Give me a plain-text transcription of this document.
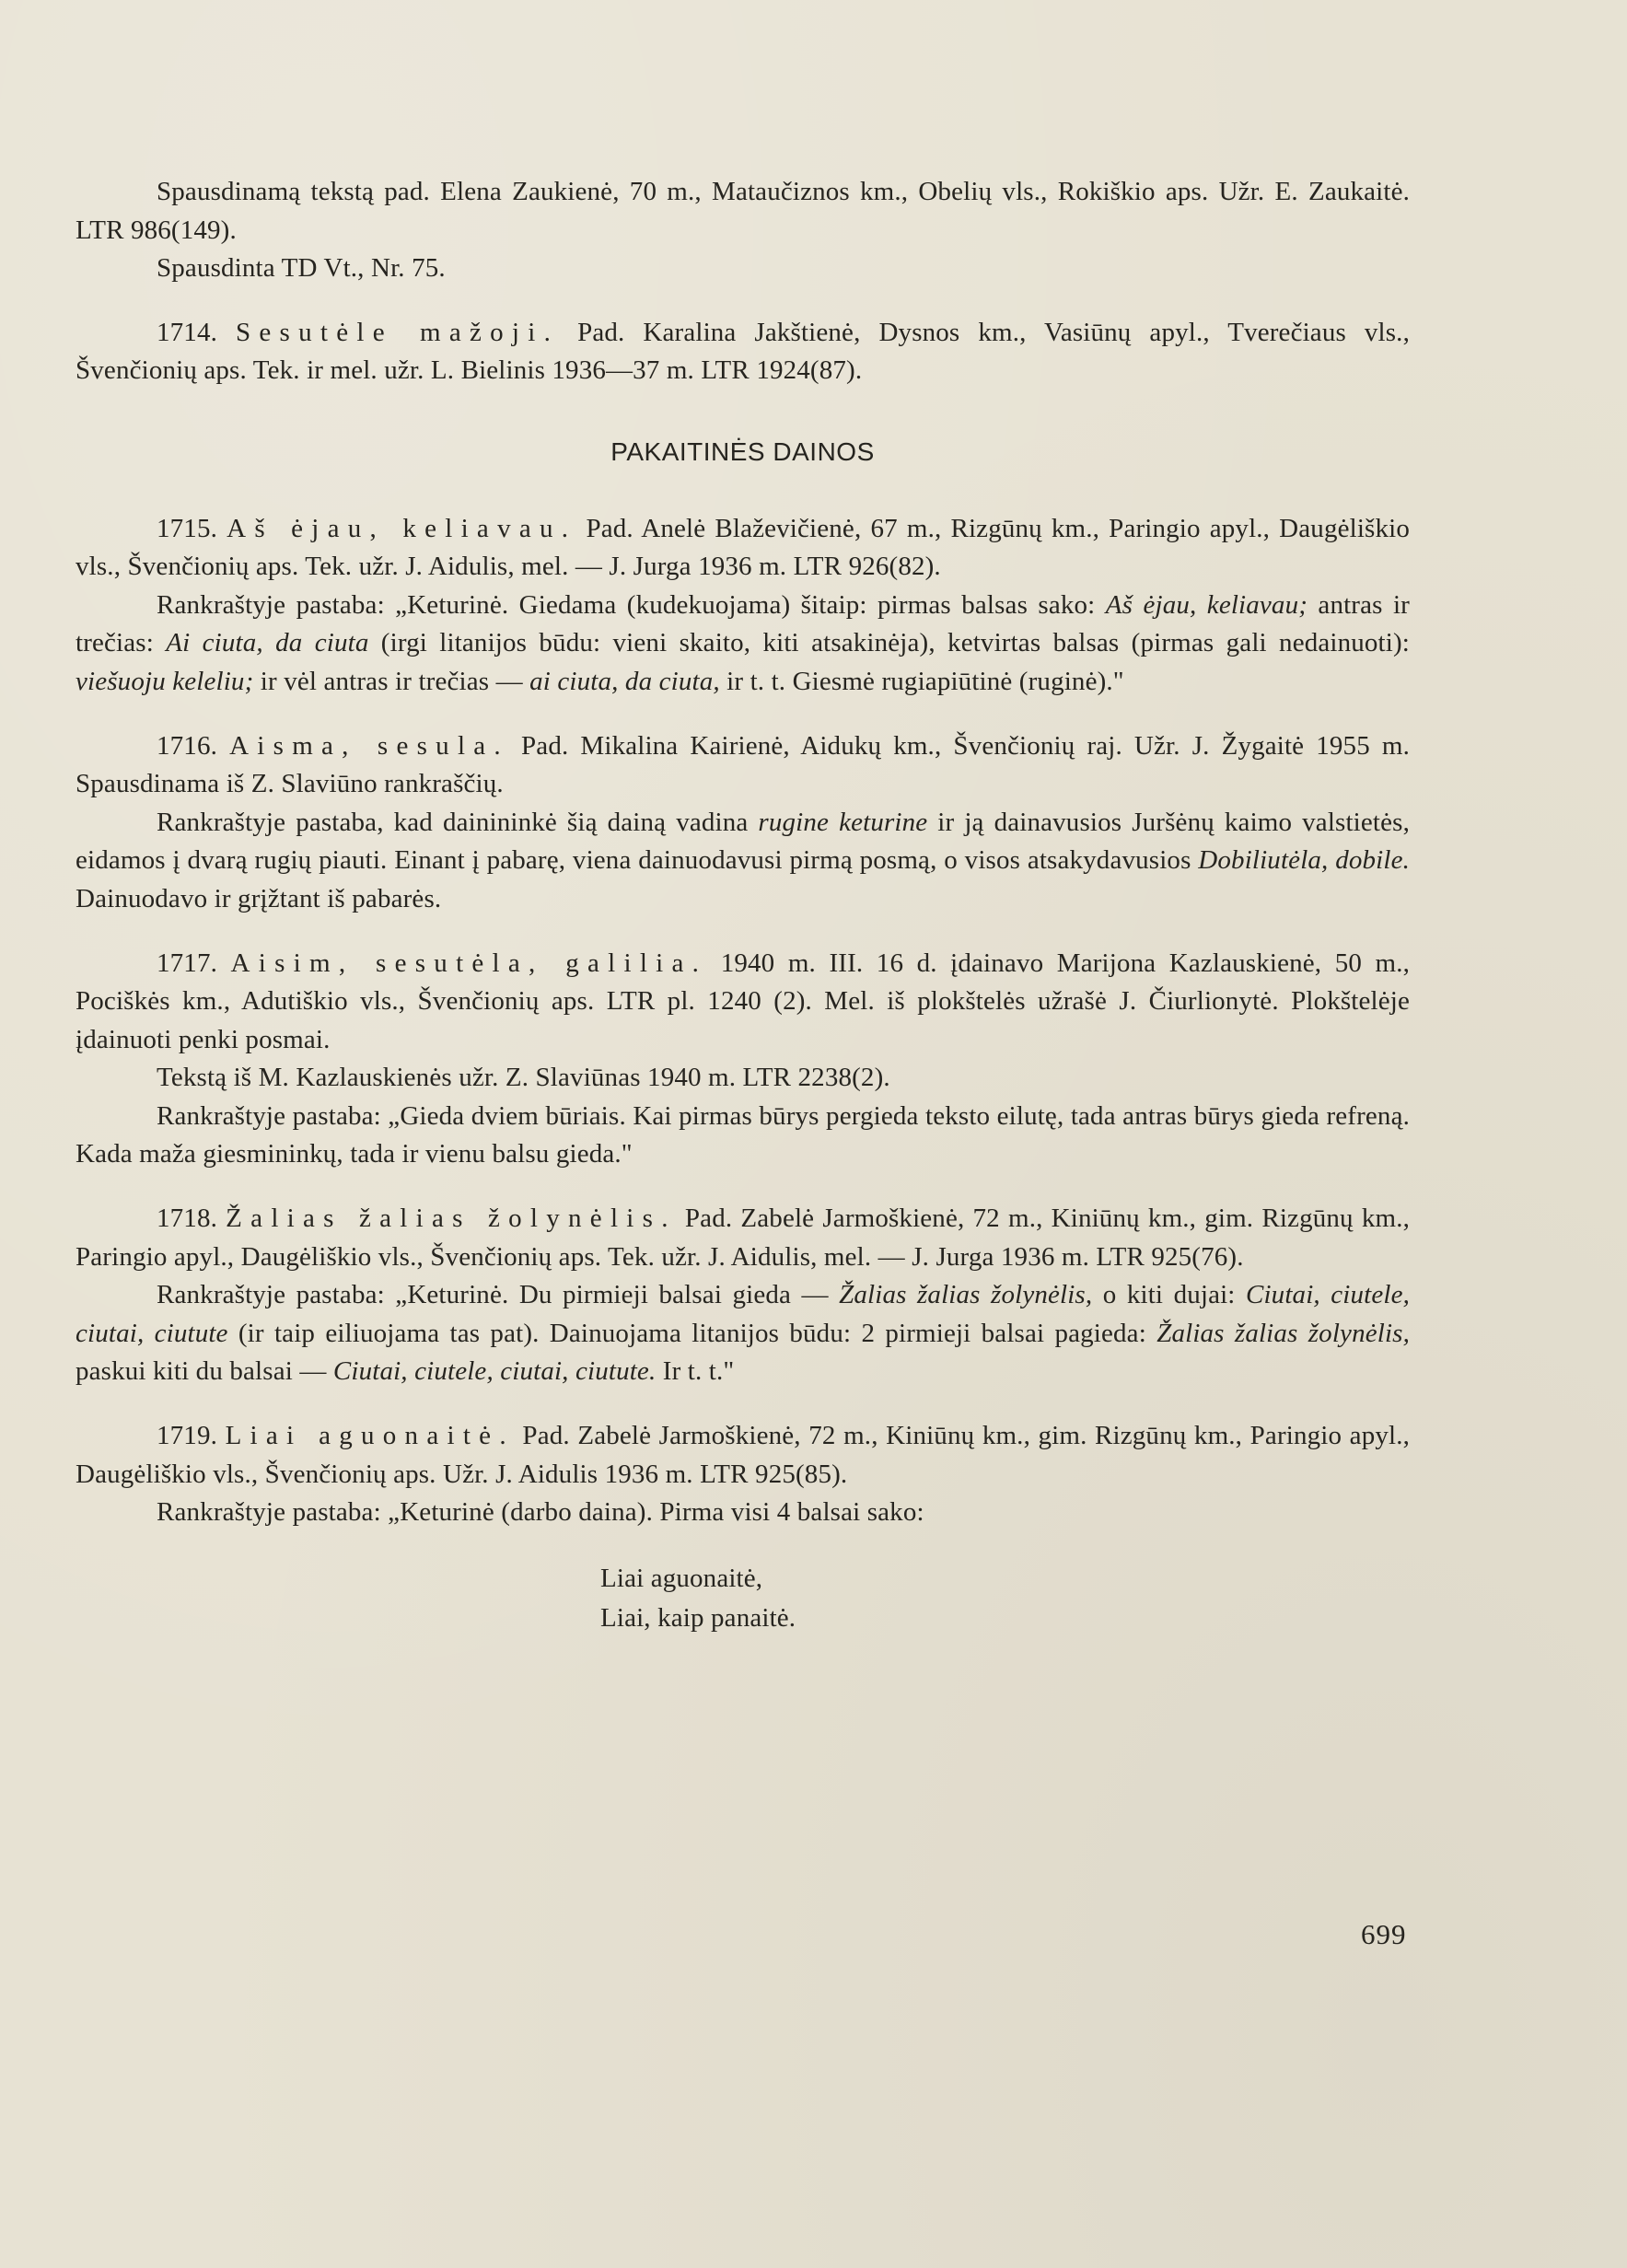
Spausdinamą tekstą pad. Elena Zaukienė, 70 m., Mataučiznos km., Obelių vls., Rokiškio aps. Užr. E. Zaukaitė. LTR 986(149).

Spausdinta TD Vt., Nr. 75.

1714. Sesutėle mažoji. Pad. Karalina Jakštienė, Dysnos km., Vasiūnų apyl., Tverečiaus vls., Švenčionių aps. Tek. ir mel. užr. L. Bielinis 1936—37 m. LTR 1924(87).

PAKAITINĖS DAINOS

1715. Aš ėjau, keliavau. Pad. Anelė Blaževičienė, 67 m., Rizgūnų km., Paringio apyl., Daugėliškio vls., Švenčionių aps. Tek. užr. J. Aidulis, mel. — J. Jurga 1936 m. LTR 926(82).

Rankraštyje pastaba: „Keturinė. Giedama (kudekuojama) šitaip: pirmas balsas sako: Aš ėjau, keliavau; antras ir trečias: Ai ciuta, da ciuta (irgi litanijos būdu: vieni skaito, kiti atsakinėja), ketvirtas balsas (pirmas gali nedainuoti): viešuoju keleliu; ir vėl antras ir trečias — ai ciuta, da ciuta, ir t. t. Giesmė rugiapiūtinė (ruginė)."

1716. Aisma, sesula. Pad. Mikalina Kairienė, Aidukų km., Švenčionių raj. Užr. J. Žygaitė 1955 m. Spausdinama iš Z. Slaviūno rankraščių.

Rankraštyje pastaba, kad dainininkė šią dainą vadina rugine keturine ir ją dainavusios Juršėnų kaimo valstietės, eidamos į dvarą rugių piauti. Einant į pabarę, viena dainuodavusi pirmą posmą, o visos atsakydavusios Dobiliutėla, dobile. Dainuodavo ir grįžtant iš pabarės.

1717. Aisim, sesutėla, galilia. 1940 m. III. 16 d. įdainavo Marijona Kazlauskienė, 50 m., Pociškės km., Adutiškio vls., Švenčionių aps. LTR pl. 1240 (2). Mel. iš plokštelės užrašė J. Čiurlionytė. Plokštelėje įdainuoti penki posmai.

Tekstą iš M. Kazlauskienės užr. Z. Slaviūnas 1940 m. LTR 2238(2).

Rankraštyje pastaba: „Gieda dviem būriais. Kai pirmas būrys pergieda teksto eilutę, tada antras būrys gieda refreną. Kada maža giesmininkų, tada ir vienu balsu gieda."

1718. Žalias žalias žolynėlis. Pad. Zabelė Jarmoškienė, 72 m., Kiniūnų km., gim. Rizgūnų km., Paringio apyl., Daugėliškio vls., Švenčionių aps. Tek. užr. J. Aidulis, mel. — J. Jurga 1936 m. LTR 925(76).

Rankraštyje pastaba: „Keturinė. Du pirmieji balsai gieda — Žalias žalias žolynėlis, o kiti dujai: Ciutai, ciutele, ciutai, ciutute (ir taip eiliuojama tas pat). Dainuojama litanijos būdu: 2 pirmieji balsai pagieda: Žalias žalias žolynėlis, paskui kiti du balsai — Ciutai, ciutele, ciutai, ciutute. Ir t. t."

1719. Liai aguonaitė. Pad. Zabelė Jarmoškienė, 72 m., Kiniūnų km., gim. Rizgūnų km., Paringio apyl., Daugėliškio vls., Švenčionių aps. Užr. J. Aidulis 1936 m. LTR 925(85).

Rankraštyje pastaba: „Keturinė (darbo daina). Pirma visi 4 balsai sako:

Liai aguonaitė,
Liai, kaip panaitė.
699
